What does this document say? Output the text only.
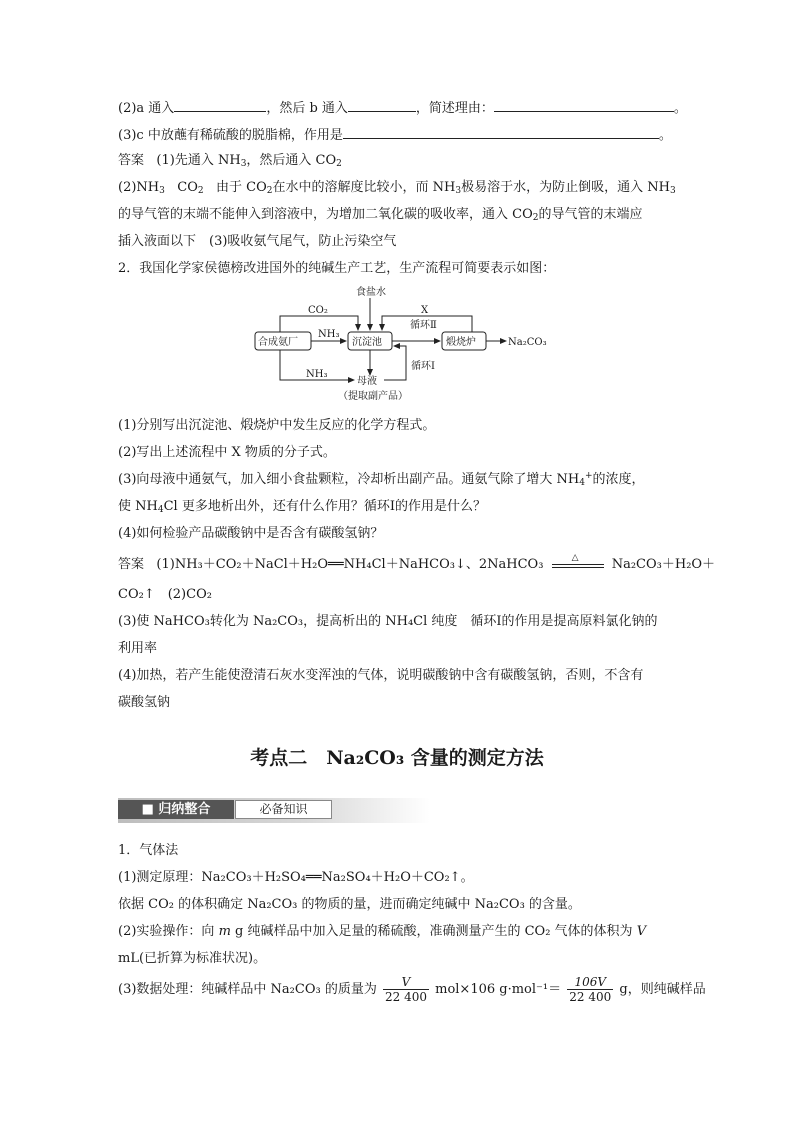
(2)a 通入	，然后 b 通入	，简述理由：	。
(3)c 中放蘸有稀硫酸的脱脂棉，作用是	。
答案 (1)先通入 $NH_3$，然后通入 $CO_2$
$(2)NH_3$ $CO_2$ 由于 $CO_2$在水中的溶解度比较小，而 $NH_3$极易溶于水，为防止倒吸，通入 $NH_3$
的导气管的末端不能伸入到溶液中，为增加二氧化碳的吸收率，通入 $CO_2$的导气管的末端应
插入液面以下　(3)吸收氨气尾气，防止污染空气
2．我国化学家侯德榜改进国外的纯碱生产工艺，生产流程可简要表示如图：
食盐水
CO₂
NH₃
X
循环Ⅱ
循环Ⅰ
合成氨厂	沉淀池	煅烧炉	Na₂CO₃
NH₃
母液
（提取副产品）
(1)分别写出沉淀池、煅烧炉中发生反应的化学方程式。
(2)写出上述流程中 X 物质的分子式。
(3)向母液中通氨气，加入细小食盐颗粒，冷却析出副产品。通氨气除了增大 $NH_4^+$的浓度，
使 $NH_4Cl$ 更多地析出外，还有什么作用？循环Ⅰ的作用是什么？
(4)如何检验产品碳酸钠中是否含有碳酸氢钠？
答案 (1)NH₃＋CO₂＋NaCl＋H₂O══NH₄Cl＋NaHCO₃↓、2NaHCO₃	△	Na₂CO₃＋H₂O＋
CO₂↑　(2)CO₂
(3)使 NaHCO₃转化为 Na₂CO₃，提高析出的 NH₄Cl 纯度　循环Ⅰ的作用是提高原料氯化钠的
利用率
(4)加热，若产生能使澄清石灰水变浑浊的气体，说明碳酸钠中含有碳酸氢钠，否则，不含有
碳酸氢钠
考点二　Na₂CO₃ 含量的测定方法
■ 归纳整合	必备知识
1．气体法
(1)测定原理：Na₂CO₃＋H₂SO₄══Na₂SO₄＋H₂O＋CO₂↑。
依据 CO₂ 的体积确定 Na₂CO₃ 的物质的量，进而确定纯碱中 Na₂CO₃ 的含量。
(2)实验操作：向 m g 纯碱样品中加入足量的稀硫酸，准确测量产生的 CO₂ 气体的体积为 V
mL(已折算为标准状况)。
(3)数据处理：纯碱样品中 Na₂CO₃ 的质量为 $\frac{V}{22 400} mol\times 106$ $g\cdot mol^{-1}= \frac{106V}{22 400}$ g，则纯碱样品
